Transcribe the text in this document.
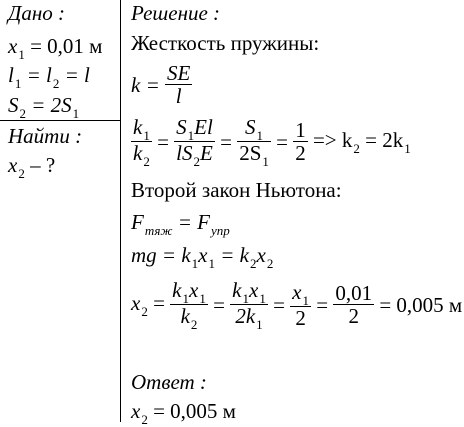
Дано :
$x_1 = 0,01$ м
$l_1 = l_2 = l$
$S_2 = 2S_1$
Найти :
$x_2$ – ?
Решение :
Жесткость пружины:
$k = \frac{SE}{l}$
$\frac{k_1}{k_2} = \frac{S_1El}{lS_2E} = \frac{S_1}{2S_1} = \frac{1}{2} => k_2 = 2k_1$
Второй закон Ньютона:
$F_{тяж} = F_{упр}$
mg = $k_1x_1 = k_2x_2$
$x_2 = \frac{k_1x_1}{k_2} = \frac{k_1x_1}{2k_1} = \frac{x_1}{2} = \frac{0,01}{2} = 0,005$ м
Ответ :
$x_2 = 0,005$ м
